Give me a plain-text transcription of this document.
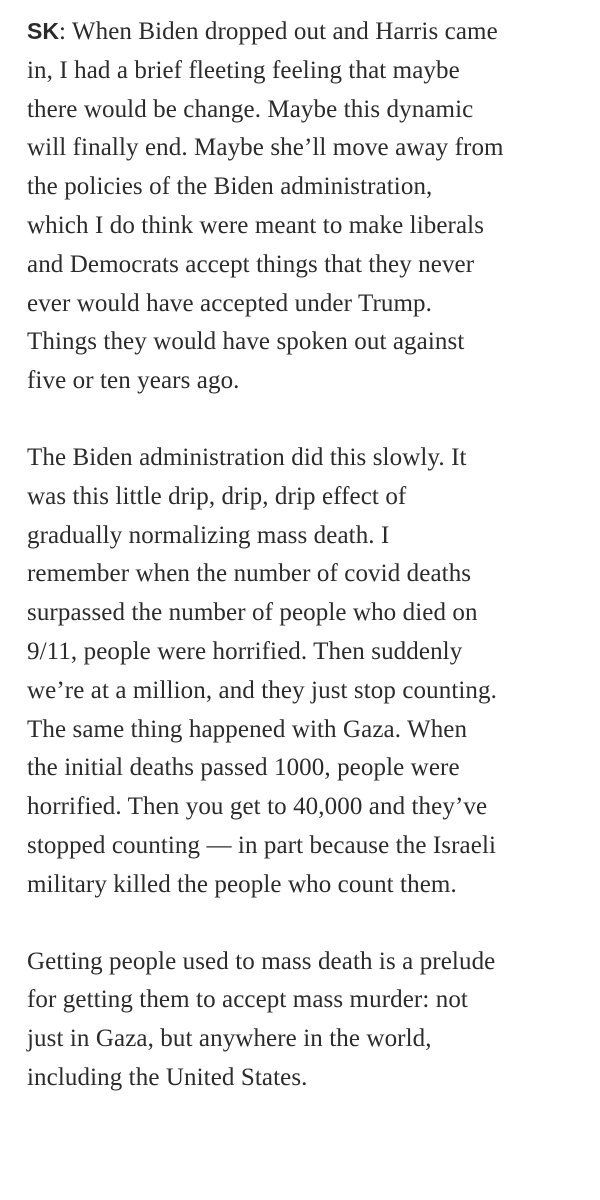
SK: When Biden dropped out and Harris came
in, I had a brief fleeting feeling that maybe
there would be change. Maybe this dynamic
will finally end. Maybe she’ll move away from
the policies of the Biden administration,
which I do think were meant to make liberals
and Democrats accept things that they never
ever would have accepted under Trump.
Things they would have spoken out against
five or ten years ago.

The Biden administration did this slowly. It
was this little drip, drip, drip effect of
gradually normalizing mass death. I
remember when the number of covid deaths
surpassed the number of people who died on
9/11, people were horrified. Then suddenly
we’re at a million, and they just stop counting.
The same thing happened with Gaza. When
the initial deaths passed 1000, people were
horrified. Then you get to 40,000 and they’ve
stopped counting — in part because the Israeli
military killed the people who count them.

Getting people used to mass death is a prelude
for getting them to accept mass murder: not
just in Gaza, but anywhere in the world,
including the United States.
